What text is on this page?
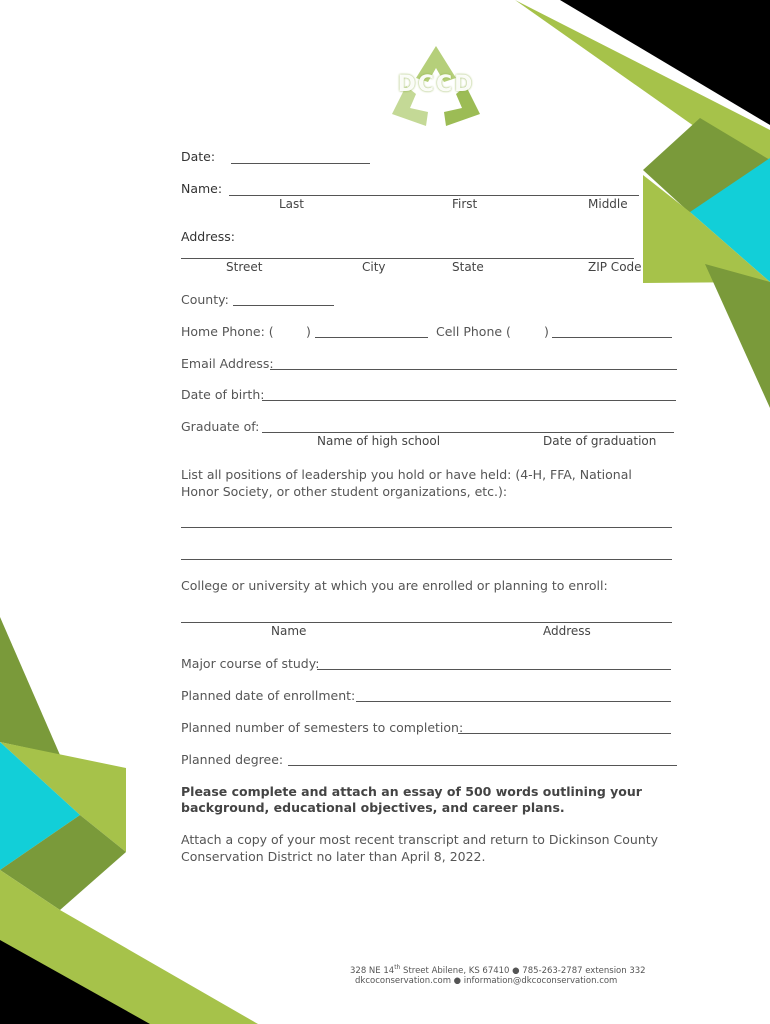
DCCD
Date:
Name:
Last	First	Middle
Address:
Street	City	State	ZIP Code
County:
Home Phone: (	)	Cell Phone (	)
Email Address:
Date of birth:
Graduate of:
Name of high school	Date of graduation
List all positions of leadership you hold or have held: (4-H, FFA, National Honor Society, or other student organizations, etc.):
College or university at which you are enrolled or planning to enroll:
Name	Address
Major course of study:
Planned date of enrollment:
Planned number of semesters to completion:
Planned degree:
Please complete and attach an essay of 500 words outlining your background, educational objectives, and career plans.
Attach a copy of your most recent transcript and return to Dickinson County Conservation District no later than April 8, 2022.
328 NE 14th Street Abilene, KS 67410 ● 785-263-2787 extension 332
dkcoconservation.com ● information@dkcoconservation.com
